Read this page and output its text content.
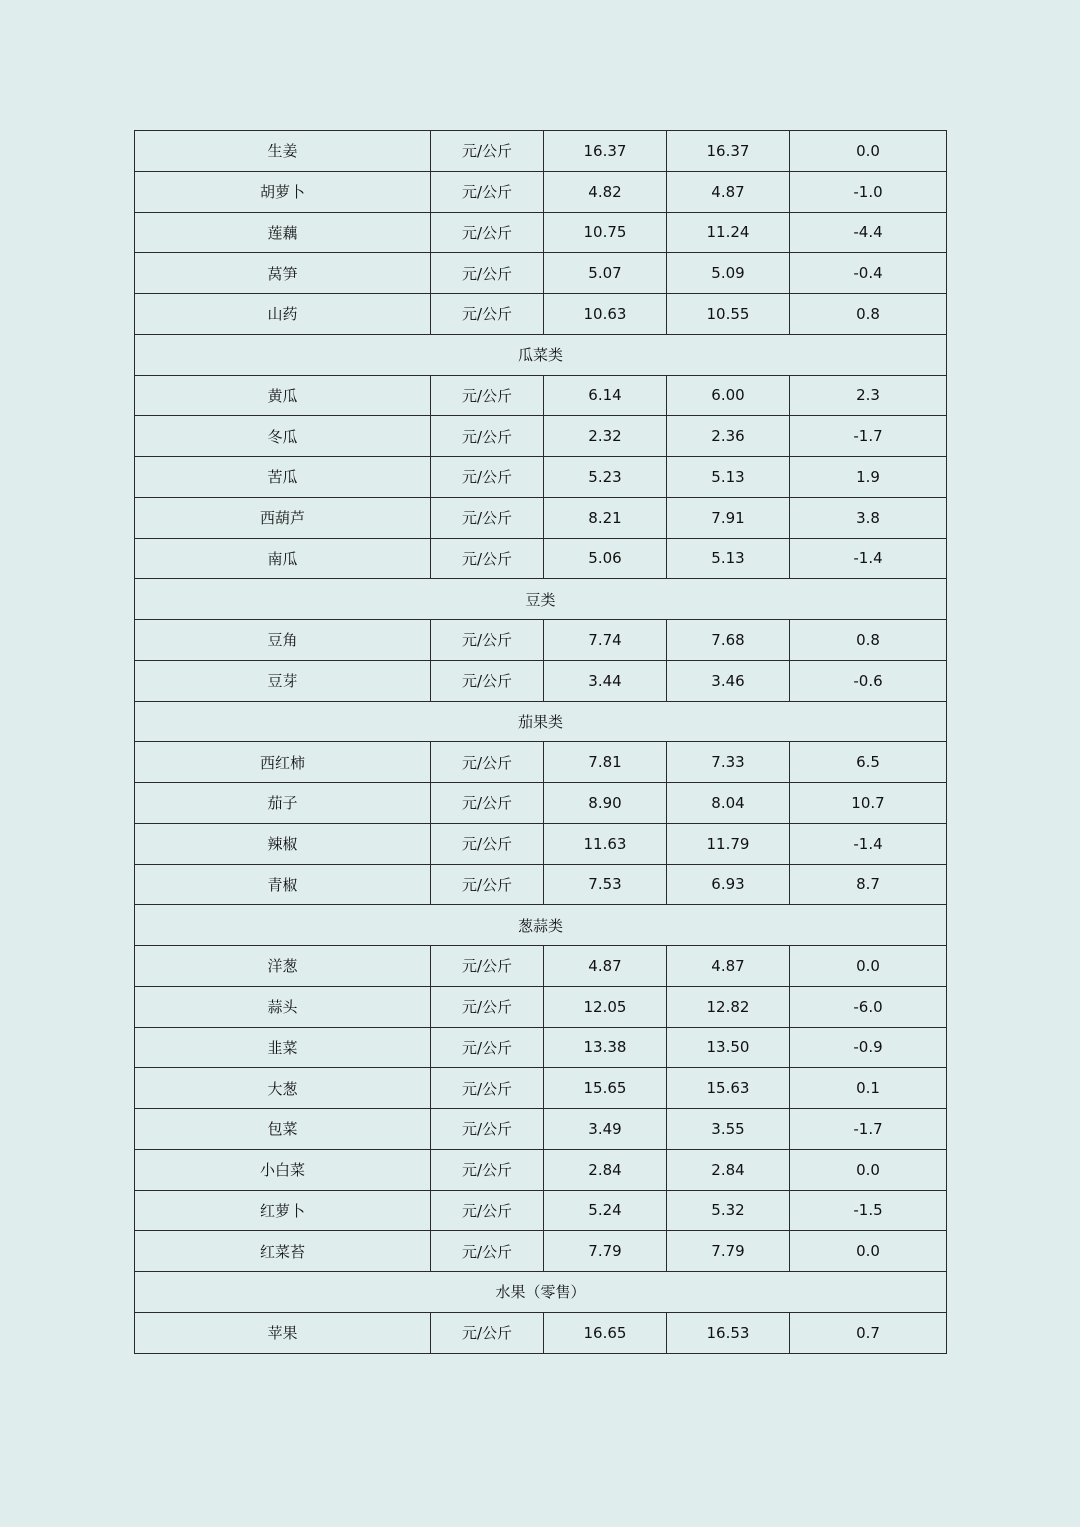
生姜	元/公斤	16.37	16.37	0.0
胡萝卜	元/公斤	4.82	4.87	-1.0
莲藕	元/公斤	10.75	11.24	-4.4
莴笋	元/公斤	5.07	5.09	-0.4
山药	元/公斤	10.63	10.55	0.8
瓜菜类				
黄瓜	元/公斤	6.14	6.00	2.3
冬瓜	元/公斤	2.32	2.36	-1.7
苦瓜	元/公斤	5.23	5.13	1.9
西葫芦	元/公斤	8.21	7.91	3.8
南瓜	元/公斤	5.06	5.13	-1.4
豆类				
豆角	元/公斤	7.74	7.68	0.8
豆芽	元/公斤	3.44	3.46	-0.6
茄果类				
西红柿	元/公斤	7.81	7.33	6.5
茄子	元/公斤	8.90	8.04	10.7
辣椒	元/公斤	11.63	11.79	-1.4
青椒	元/公斤	7.53	6.93	8.7
葱蒜类				
洋葱	元/公斤	4.87	4.87	0.0
蒜头	元/公斤	12.05	12.82	-6.0
韭菜	元/公斤	13.38	13.50	-0.9
大葱	元/公斤	15.65	15.63	0.1
包菜	元/公斤	3.49	3.55	-1.7
小白菜	元/公斤	2.84	2.84	0.0
红萝卜	元/公斤	5.24	5.32	-1.5
红菜苔	元/公斤	7.79	7.79	0.0
水果（零售）				
苹果	元/公斤	16.65	16.53	0.7
